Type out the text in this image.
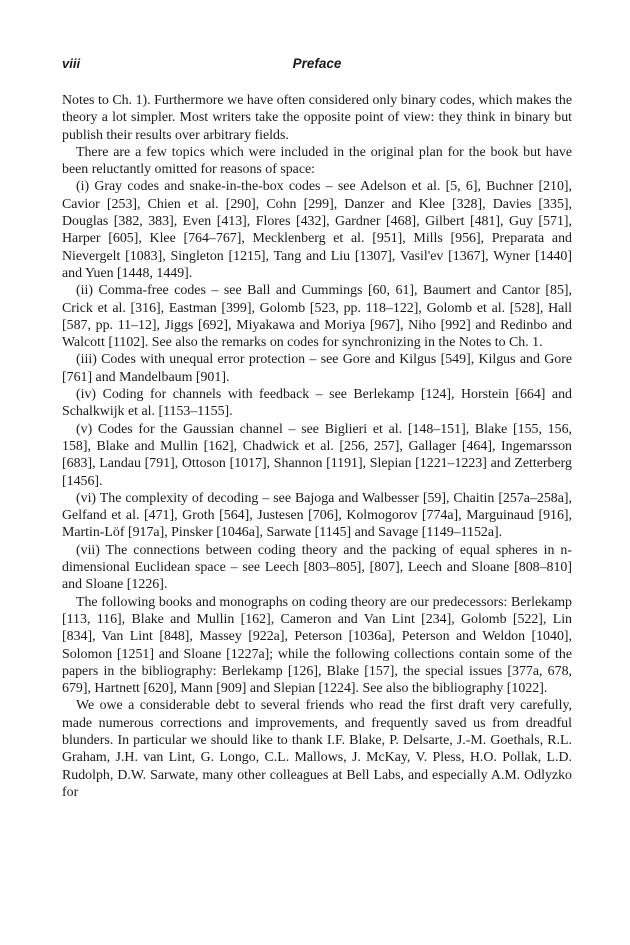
viii	Preface

Notes to Ch. 1). Furthermore we have often considered only binary codes, which makes the theory a lot simpler. Most writers take the opposite point of view: they think in binary but publish their results over arbitrary fields.

There are a few topics which were included in the original plan for the book but have been reluctantly omitted for reasons of space:

(i) Gray codes and snake-in-the-box codes – see Adelson et al. [5, 6], Buchner [210], Cavior [253], Chien et al. [290], Cohn [299], Danzer and Klee [328], Davies [335], Douglas [382, 383], Even [413], Flores [432], Gardner [468], Gilbert [481], Guy [571], Harper [605], Klee [764–767], Mecklenberg et al. [951], Mills [956], Preparata and Nievergelt [1083], Singleton [1215], Tang and Liu [1307], Vasil'ev [1367], Wyner [1440] and Yuen [1448, 1449].

(ii) Comma-free codes – see Ball and Cummings [60, 61], Baumert and Cantor [85], Crick et al. [316], Eastman [399], Golomb [523, pp. 118–122], Golomb et al. [528], Hall [587, pp. 11–12], Jiggs [692], Miyakawa and Moriya [967], Niho [992] and Redinbo and Walcott [1102]. See also the remarks on codes for synchronizing in the Notes to Ch. 1.

(iii) Codes with unequal error protection – see Gore and Kilgus [549], Kilgus and Gore [761] and Mandelbaum [901].

(iv) Coding for channels with feedback – see Berlekamp [124], Horstein [664] and Schalkwijk et al. [1153–1155].

(v) Codes for the Gaussian channel – see Biglieri et al. [148–151], Blake [155, 156, 158], Blake and Mullin [162], Chadwick et al. [256, 257], Gallager [464], Ingemarsson [683], Landau [791], Ottoson [1017], Shannon [1191], Slepian [1221–1223] and Zetterberg [1456].

(vi) The complexity of decoding – see Bajoga and Walbesser [59], Chaitin [257a–258a], Gelfand et al. [471], Groth [564], Justesen [706], Kolmogorov [774a], Marguinaud [916], Martin-Löf [917a], Pinsker [1046a], Sarwate [1145] and Savage [1149–1152a].

(vii) The connections between coding theory and the packing of equal spheres in n-dimensional Euclidean space – see Leech [803–805], [807], Leech and Sloane [808–810] and Sloane [1226].

The following books and monographs on coding theory are our predecessors: Berlekamp [113, 116], Blake and Mullin [162], Cameron and Van Lint [234], Golomb [522], Lin [834], Van Lint [848], Massey [922a], Peterson [1036a], Peterson and Weldon [1040], Solomon [1251] and Sloane [1227a]; while the following collections contain some of the papers in the bibliography: Berlekamp [126], Blake [157], the special issues [377a, 678, 679], Hartnett [620], Mann [909] and Slepian [1224]. See also the bibliography [1022].

We owe a considerable debt to several friends who read the first draft very carefully, made numerous corrections and improvements, and frequently saved us from dreadful blunders. In particular we should like to thank I.F. Blake, P. Delsarte, J.-M. Goethals, R.L. Graham, J.H. van Lint, G. Longo, C.L. Mallows, J. McKay, V. Pless, H.O. Pollak, L.D. Rudolph, D.W. Sarwate, many other colleagues at Bell Labs, and especially A.M. Odlyzko for
